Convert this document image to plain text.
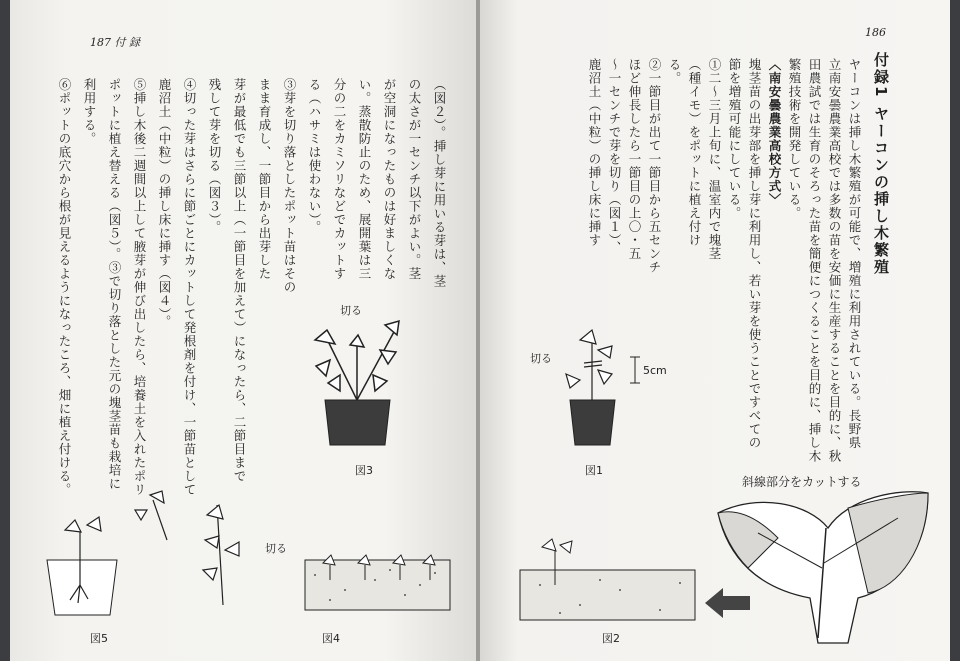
187 付 録
（図２）。挿し芽に用いる芽は、茎
の太さが一センチ以下がよい。茎
が空洞になったものは好ましくな
い。蒸散防止のため、展開葉は三
分の二をカミソリなどでカットす
る（ハサミは使わない）。
③芽を切り落としたポット苗はその
まま育成し、一節目から出芽した
芽が最低でも三節以上（一節目を加えて）になったら、二節目まで
残して芽を切る（図３）。
④切った芽はさらに節ごとにカットして発根剤を付け、一節苗として
鹿沼土（中粒）の挿し床に挿す（図４）。
⑤挿し木後二週間以上して腋芽が伸び出したら、培養土を入れたポリ
ポットに植え替える（図５）。③で切り落とした元の塊茎苗も栽培に
利用する。
⑥ポットの底穴から根が見えるようになったころ、畑に植え付ける。	切る
図3
図5
切る
図4
186
付録1 ヤーコンの挿し木繁殖
ヤーコンは挿し木繁殖が可能で、増殖に利用されている。長野県
立南安曇農業高校では多数の苗を安価に生産することを目的に、秋
田農試では生育のそろった苗を簡便につくることを目的に、挿し木
繁殖技術を開発している。
〈南安曇農業高校方式〉
塊茎苗の出芽部を挿し芽に利用し、若い芽を使うことですべての
節を増殖可能にしている。
①二〜三月上旬に、温室内で塊茎
（種イモ）をポットに植え付け
る。
②一節目が出て一節目から五センチ
ほど伸長したら一節目の上〇・五
〜一センチで芽を切り（図１）、
鹿沼土（中粒）の挿し床に挿す
切る
5cm
図1
図2
斜線部分をカットする
